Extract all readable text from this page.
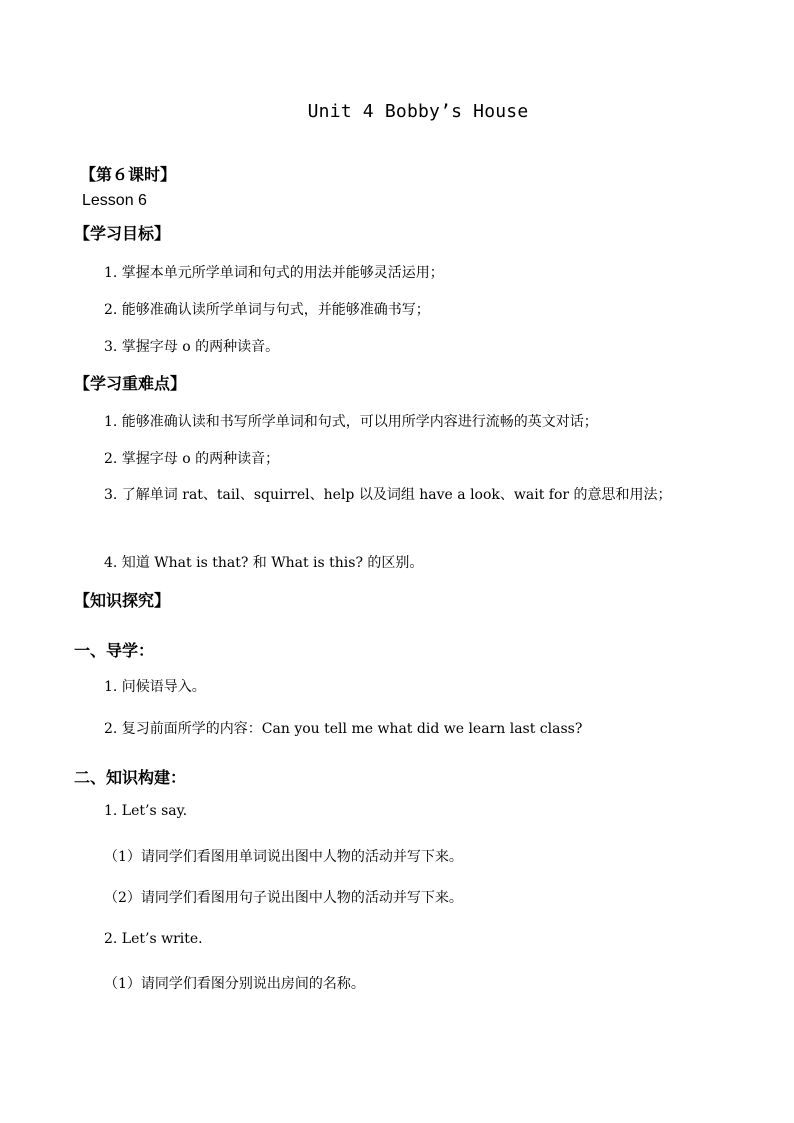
Unit 4 Bobby’s House
【第６课时】
Lesson 6
【学习目标】
1. 掌握本单元所学单词和句式的用法并能够灵活运用；
2. 能够准确认读所学单词与句式，并能够准确书写；
3. 掌握字母 o 的两种读音。
【学习重难点】
1. 能够准确认读和书写所学单词和句式，可以用所学内容进行流畅的英文对话；
2. 掌握字母 o 的两种读音；
3. 了解单词 rat、tail、squirrel、help 以及词组 have a look、wait for 的意思和用法；
4. 知道 What is that? 和 What is this? 的区别。
【知识探究】
一、导学：
1. 问候语导入。
2. 复习前面所学的内容：Can you tell me what did we learn last class?
二、知识构建：
1. Let’s say.
（1）请同学们看图用单词说出图中人物的活动并写下来。
（2）请同学们看图用句子说出图中人物的活动并写下来。
2. Let’s write.
（1）请同学们看图分别说出房间的名称。
